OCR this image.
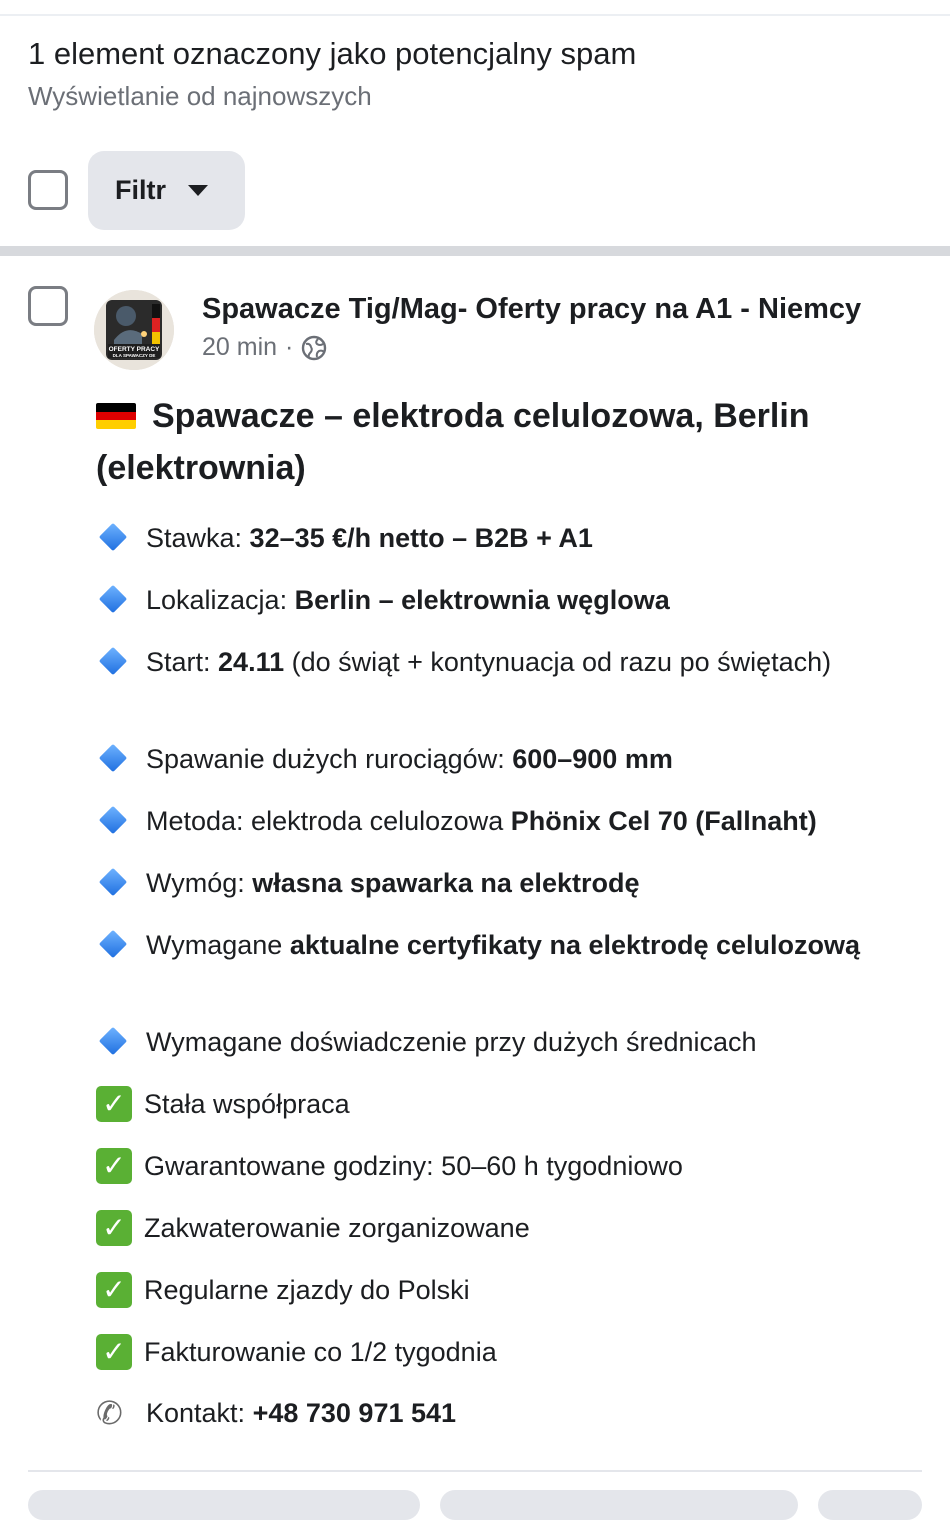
1 element oznaczony jako potencjalny spam
Wyświetlanie od najnowszych
Filtr
OFERTY PRACY
DLA SPAWACZY DE
Spawacze Tig/Mag- Oferty pracy na A1 - Niemcy
20 min ·
Spawacze – elektroda celulozowa, Berlin (elektrownia)
Stawka: 32–35 €/h netto – B2B + A1
Lokalizacja: Berlin – elektrownia węglowa
Start: 24.11 (do świąt + kontynuacja od razu po świętach)
Spawanie dużych rurociągów: 600–900 mm
Metoda: elektroda celulozowa Phönix Cel 70 (Fallnaht)
Wymóg: własna spawarka na elektrodę
Wymagane aktualne certyfikaty na elektrodę celulozową
Wymagane doświadczenie przy dużych średnicach
✓ Stała współpraca
✓ Gwarantowane godziny: 50–60 h tygodniowo
✓ Zakwaterowanie zorganizowane
✓ Regularne zjazdy do Polski
✓ Fakturowanie co 1/2 tygodnia
✆ Kontakt: +48 730 971 541
